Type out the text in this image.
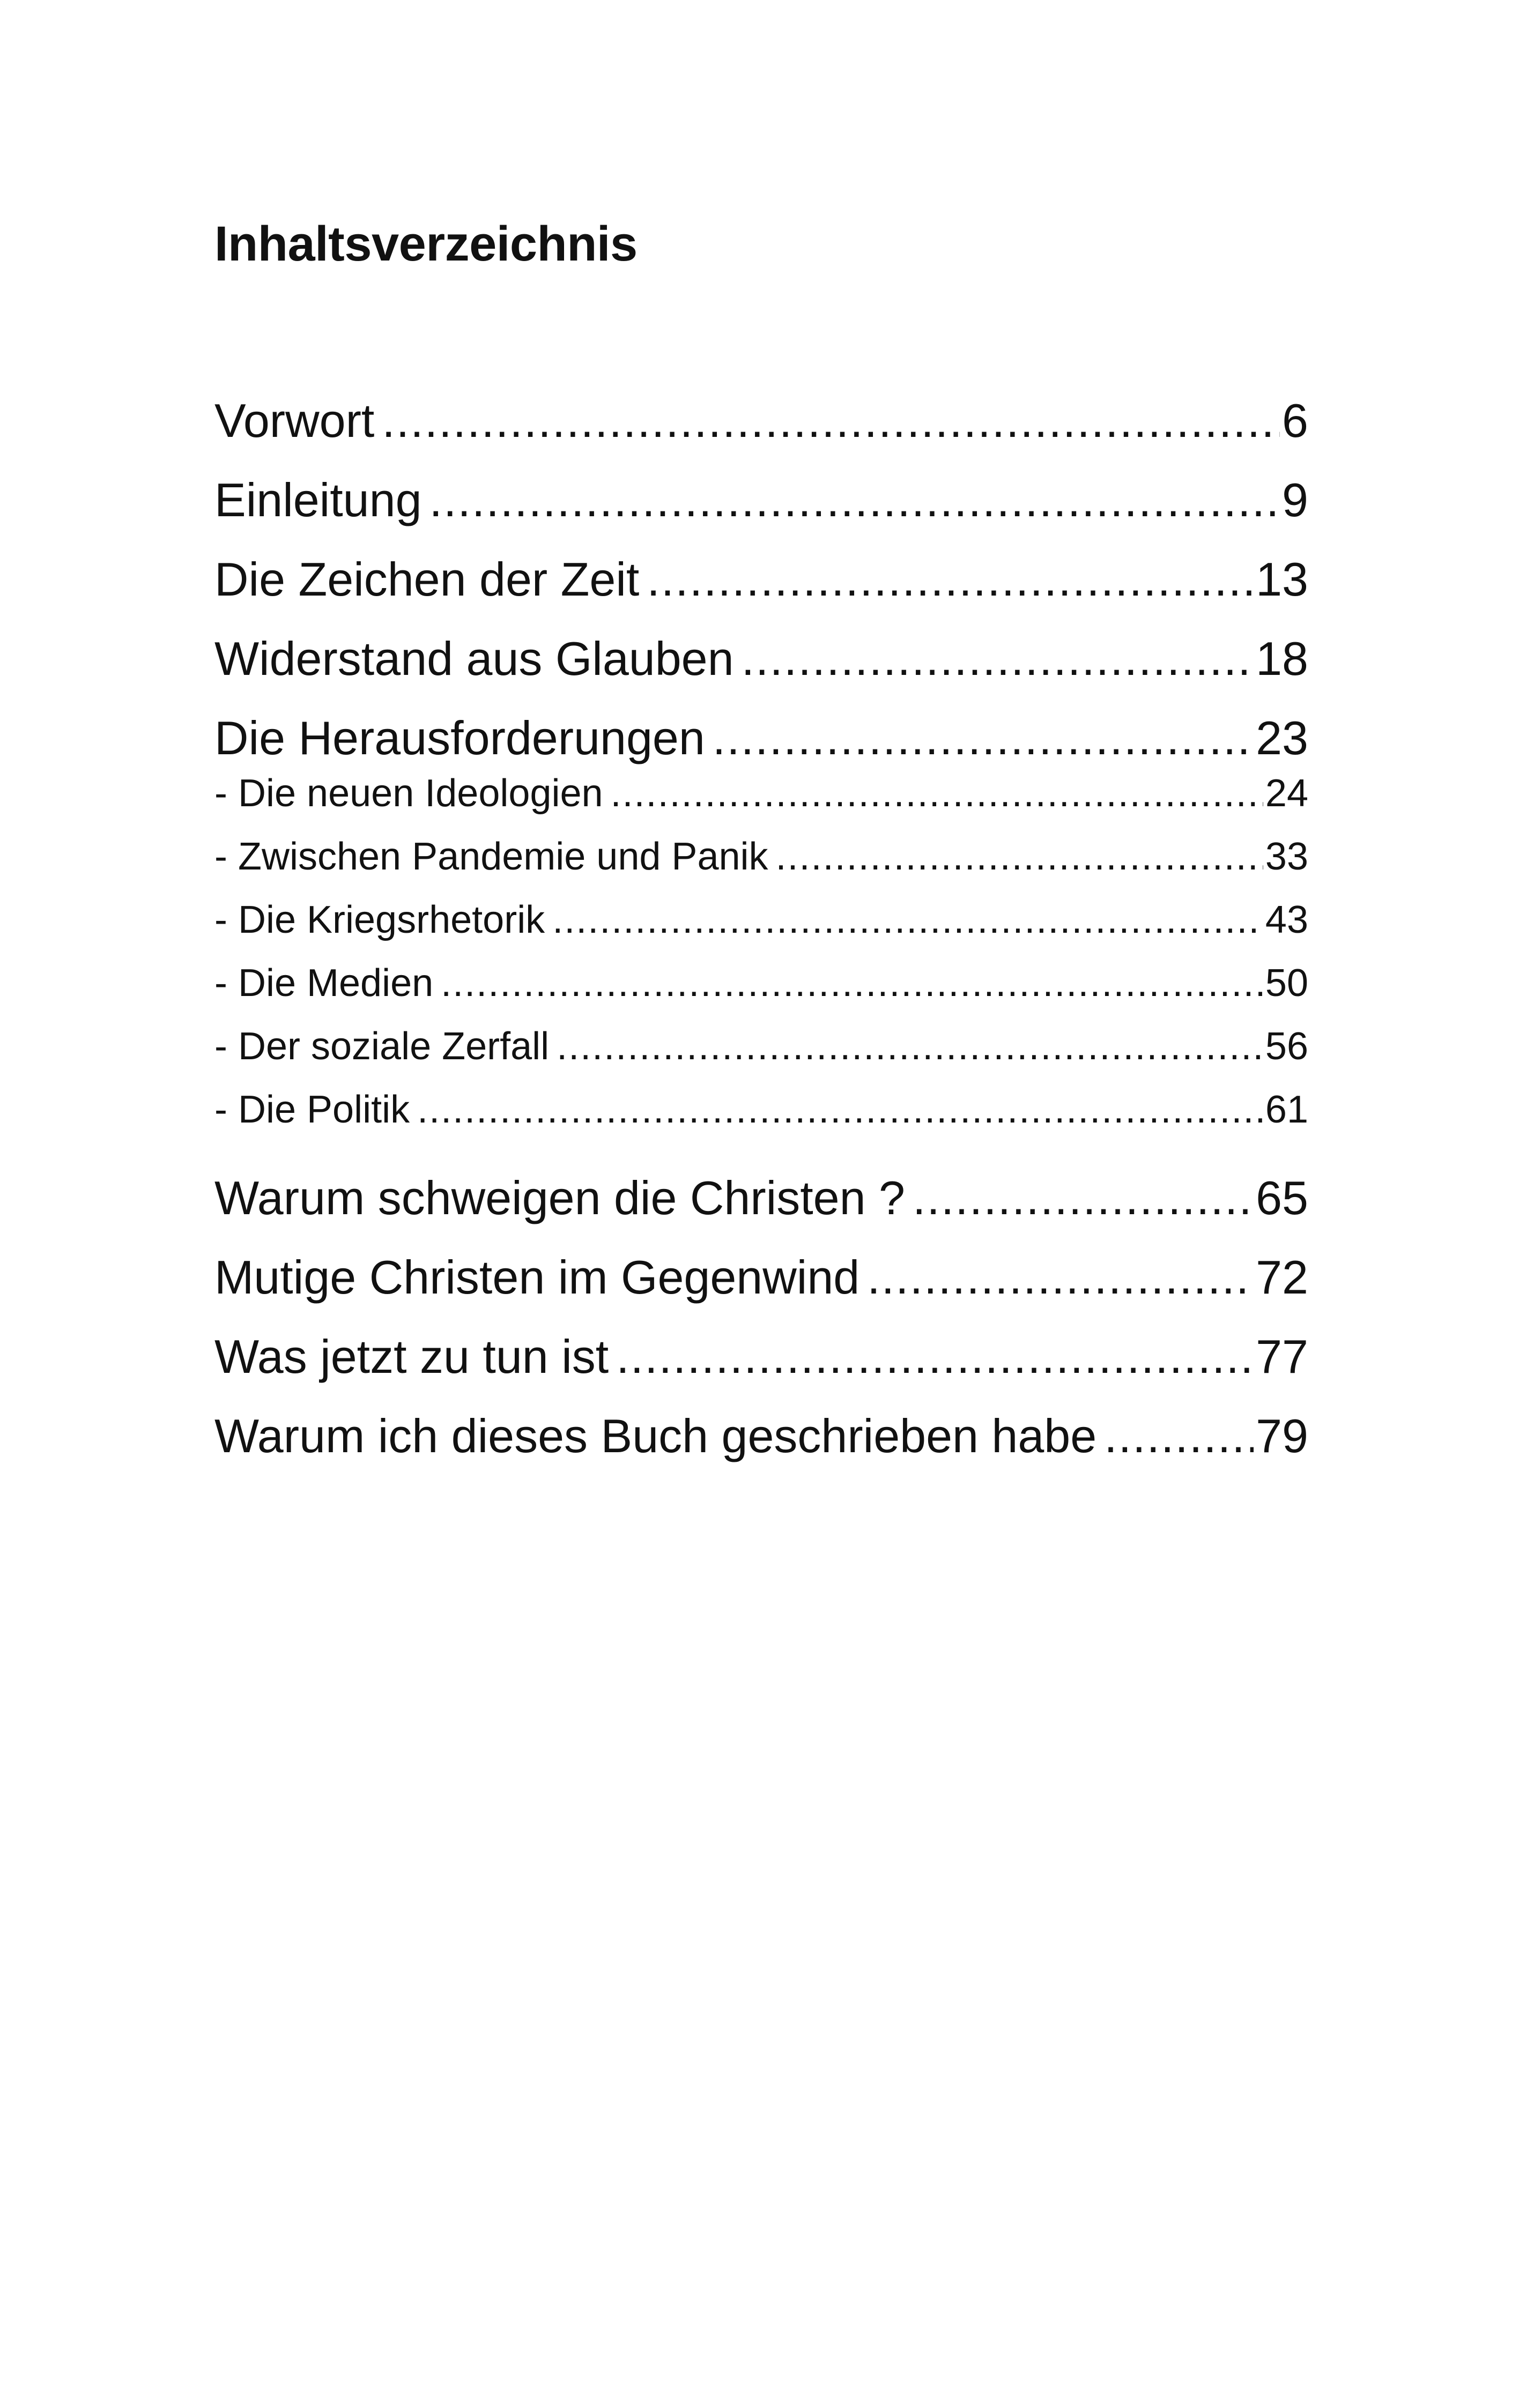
Inhaltsverzeichnis
Vorwort .....	6
Einleitung .....	9
Die Zeichen der Zeit .....	13
Widerstand aus Glauben .....	18
Die Herausforderungen .....	23
- Die neuen Ideologien .....	24
- Zwischen Pandemie und Panik .....	33
- Die Kriegsrhetorik .....	43
- Die Medien .....	50
- Der soziale Zerfall .....	56
- Die Politik .....	61
Warum schweigen die Christen ? .....	65
Mutige Christen im Gegenwind .....	72
Was jetzt zu tun ist .....	77
Warum ich dieses Buch geschrieben habe .....	79
